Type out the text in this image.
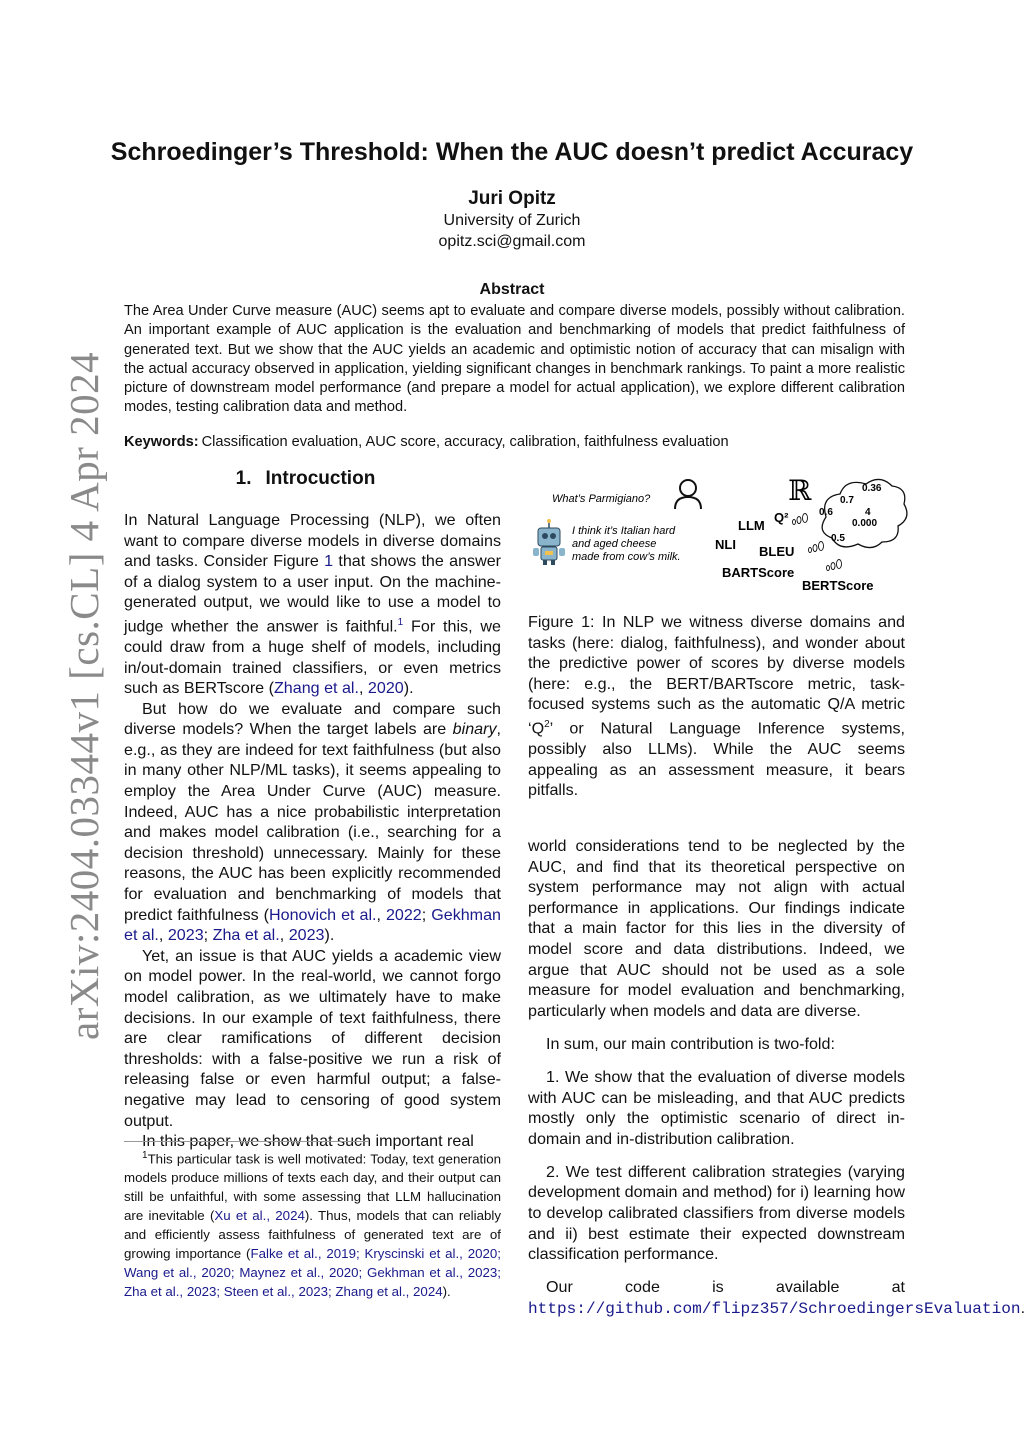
arXiv:2404.03344v1 [cs.CL] 4 Apr 2024
Schroedinger’s Threshold: When the AUC doesn’t predict Accuracy
Juri Opitz
University of Zurich
opitz.sci@gmail.com
Abstract
The Area Under Curve measure (AUC) seems apt to evaluate and compare diverse models, possibly without calibration. An important example of AUC application is the evaluation and benchmarking of models that predict faithfulness of generated text. But we show that the AUC yields an academic and optimistic notion of accuracy that can misalign with the actual accuracy observed in application, yielding significant changes in benchmark rankings. To paint a more realistic picture of downstream model performance (and prepare a model for actual application), we explore different calibration modes, testing calibration data and method.
Keywords: Classification evaluation, AUC score, accuracy, calibration, faithfulness evaluation
1. Introcuction

In Natural Language Processing (NLP), we often want to compare diverse models in diverse domains and tasks. Consider Figure 1 that shows the answer of a dialog system to a user input. On the machine-generated output, we would like to use a model to judge whether the answer is faithful.$^1$ For this, we could draw from a huge shelf of models, including in/out-domain trained classifiers, or even metrics such as BERTscore (Zhang et al., 2020).

But how do we evaluate and compare such diverse models? When the target labels are binary, e.g., as they are indeed for text faithfulness (but also in many other NLP/ML tasks), it seems appealing to employ the Area Under Curve (AUC) measure. Indeed, AUC has a nice probabilistic interpretation and makes model calibration (i.e., searching for a decision threshold) unnecessary. Mainly for these reasons, the AUC has been explicitly recommended for evaluation and benchmarking of models that predict faithfulness (Honovich et al., 2022; Gekhman et al., 2023; Zha et al., 2023).

Yet, an issue is that AUC yields a academic view on model power. In the real-world, we cannot forgo model calibration, as we ultimately have to make decisions. In our example of text faithfulness, there are clear ramifications of different decision thresholds: with a false-positive we run a risk of releasing false or even harmful output; a false-negative may lead to censoring of good system output.

In this paper, we show that such important real

$^1$This particular task is well motivated: Today, text generation models produce millions of texts each day, and their output can still be unfaithful, with some assessing that LLM hallucination are inevitable (Xu et al., 2024). Thus, models that can reliably and efficiently assess faithfulness of generated text are of growing importance (Falke et al., 2019; Kryscinski et al., 2020; Wang et al., 2020; Maynez et al., 2020; Gekhman et al., 2023; Zha et al., 2023; Steen et al., 2023; Zhang et al., 2024).

What’s Parmigiano?
I think it’s Italian hard
and aged cheese
made from cow’s milk.
ℝ	0.36
0.7
0.6	4
0.000
0.5
LLM
Q²
NLI BLEU
BARTScore
BERTScore
Figure 1: In NLP we witness diverse domains and tasks (here: dialog, faithfulness), and wonder about the predictive power of scores by diverse models (here: e.g., the BERT/BARTscore metric, task-focused systems such as the automatic Q/A metric ‘$Q^2$’ or Natural Language Inference systems, possibly also LLMs). While the AUC seems appealing as an assessment measure, it bears pitfalls.

world considerations tend to be neglected by the AUC, and find that its theoretical perspective on system performance may not align with actual performance in applications. Our findings indicate that a main factor for this lies in the diversity of model score and data distributions. Indeed, we argue that AUC should not be used as a sole measure for model evaluation and benchmarking, particularly when models and data are diverse.

In sum, our main contribution is two-fold:

1. We show that the evaluation of diverse models with AUC can be misleading, and that AUC predicts mostly only the optimistic scenario of direct in-domain and in-distribution calibration.

2. We test different calibration strategies (varying development domain and method) for i) learning how to develop calibrated classifiers from diverse models and ii) best estimate their expected downstream classification performance.

Our code is available at https://github.com/flipz357/SchroedingersEvaluation.
